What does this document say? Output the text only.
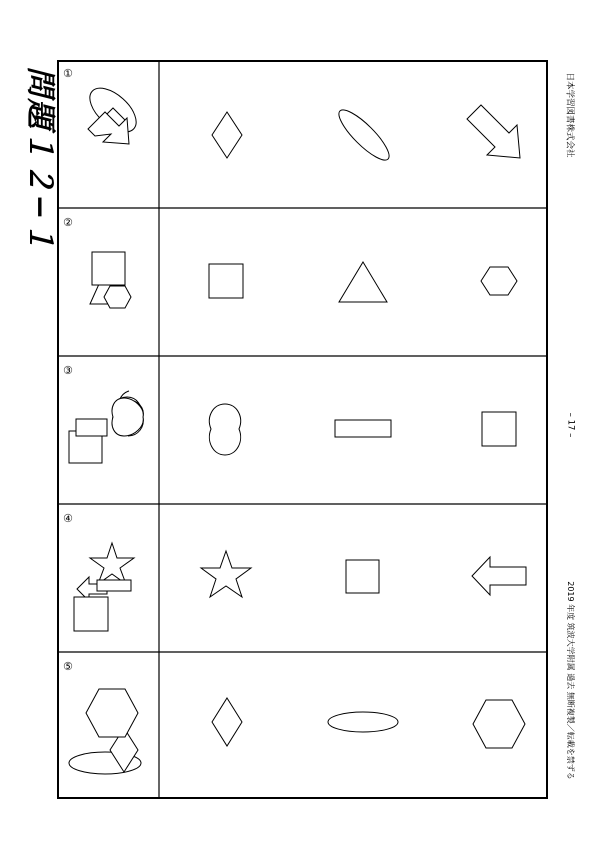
問題１２−１ ①
②
③
④
⑤
日本学習図書株式会社
– 17 –
2019 年度 筑波大学附属 過去 無断複製／転載を禁ずる
